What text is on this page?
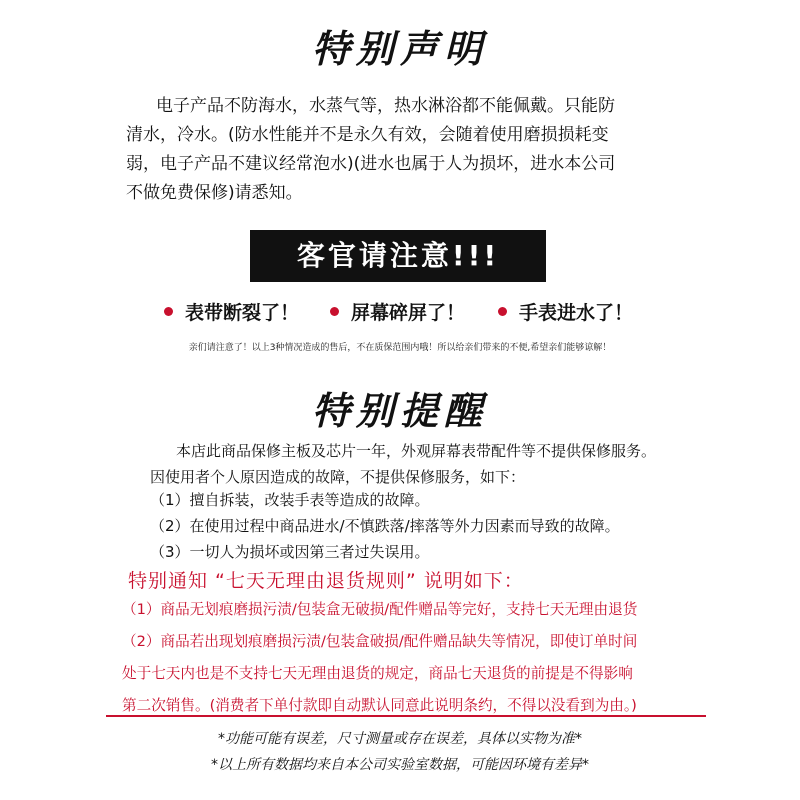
特别声明
电子产品不防海水，水蒸气等，热水淋浴都不能佩戴。只能防
清水，冷水。(防水性能并不是永久有效，会随着使用磨损损耗变
弱，电子产品不建议经常泡水)(进水也属于人为损坏，进水本公司
不做免费保修)请悉知。
客官请注意!!!
表带断裂了！	屏幕碎屏了！	手表进水了！
亲们请注意了！以上3种情况造成的售后，不在质保范围内哦！所以给亲们带来的不便,希望亲们能够谅解！
特别提醒
本店此商品保修主板及芯片一年，外观屏幕表带配件等不提供保修服务。
因使用者个人原因造成的故障，不提供保修服务，如下：
（1）擅自拆装，改装手表等造成的故障。
（2）在使用过程中商品进水/不慎跌落/摔落等外力因素而导致的故障。
（3）一切人为损坏或因第三者过失误用。
特别通知 “七天无理由退货规则” 说明如下：
（1）商品无划痕磨损污渍/包装盒无破损/配件赠品等完好，支持七天无理由退货
（2）商品若出现划痕磨损污渍/包装盒破损/配件赠品缺失等情况，即使订单时间
处于七天内也是不支持七天无理由退货的规定，商品七天退货的前提是不得影响
第二次销售。(消费者下单付款即自动默认同意此说明条约，不得以没看到为由。)
*功能可能有误差，尺寸测量或存在误差，具体以实物为准*
*以上所有数据均来自本公司实验室数据，可能因环境有差异*
